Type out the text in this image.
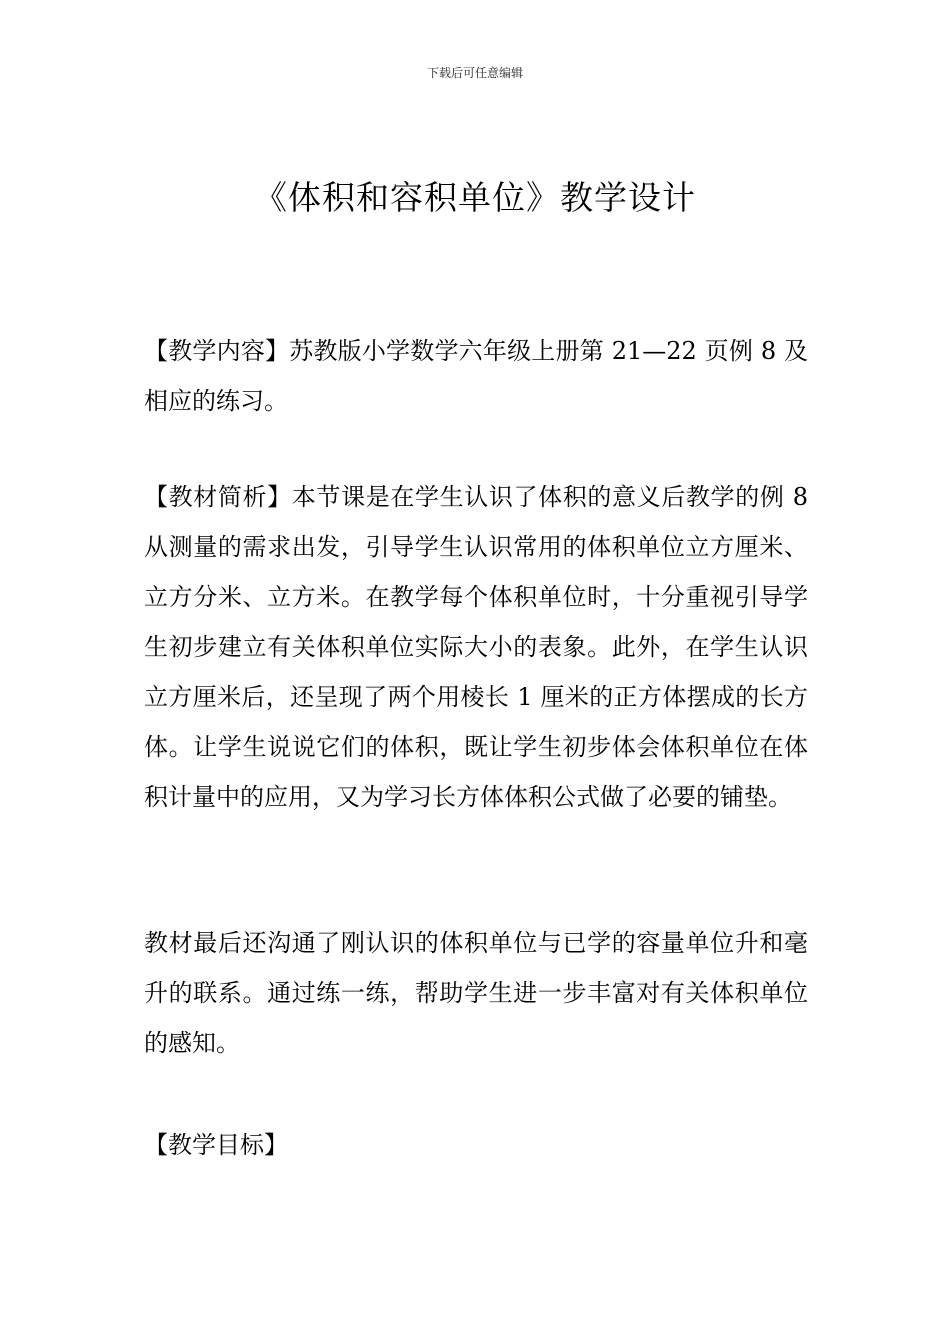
下载后可任意编辑
《体积和容积单位》教学设计

【教学内容】苏教版小学数学六年级上册第 21—22 页例 8 及相应的练习。

【教材简析】本节课是在学生认识了体积的意义后教学的例 8 从测量的需求出发，引导学生认识常用的体积单位立方厘米、立方分米、立方米。在教学每个体积单位时，十分重视引导学生初步建立有关体积单位实际大小的表象。此外，在学生认识立方厘米后，还呈现了两个用棱长 1 厘米的正方体摆成的长方体。让学生说说它们的体积，既让学生初步体会体积单位在体积计量中的应用，又为学习长方体体积公式做了必要的铺垫。

教材最后还沟通了刚认识的体积单位与已学的容量单位升和毫升的联系。通过练一练，帮助学生进一步丰富对有关体积单位的感知。

【教学目标】
